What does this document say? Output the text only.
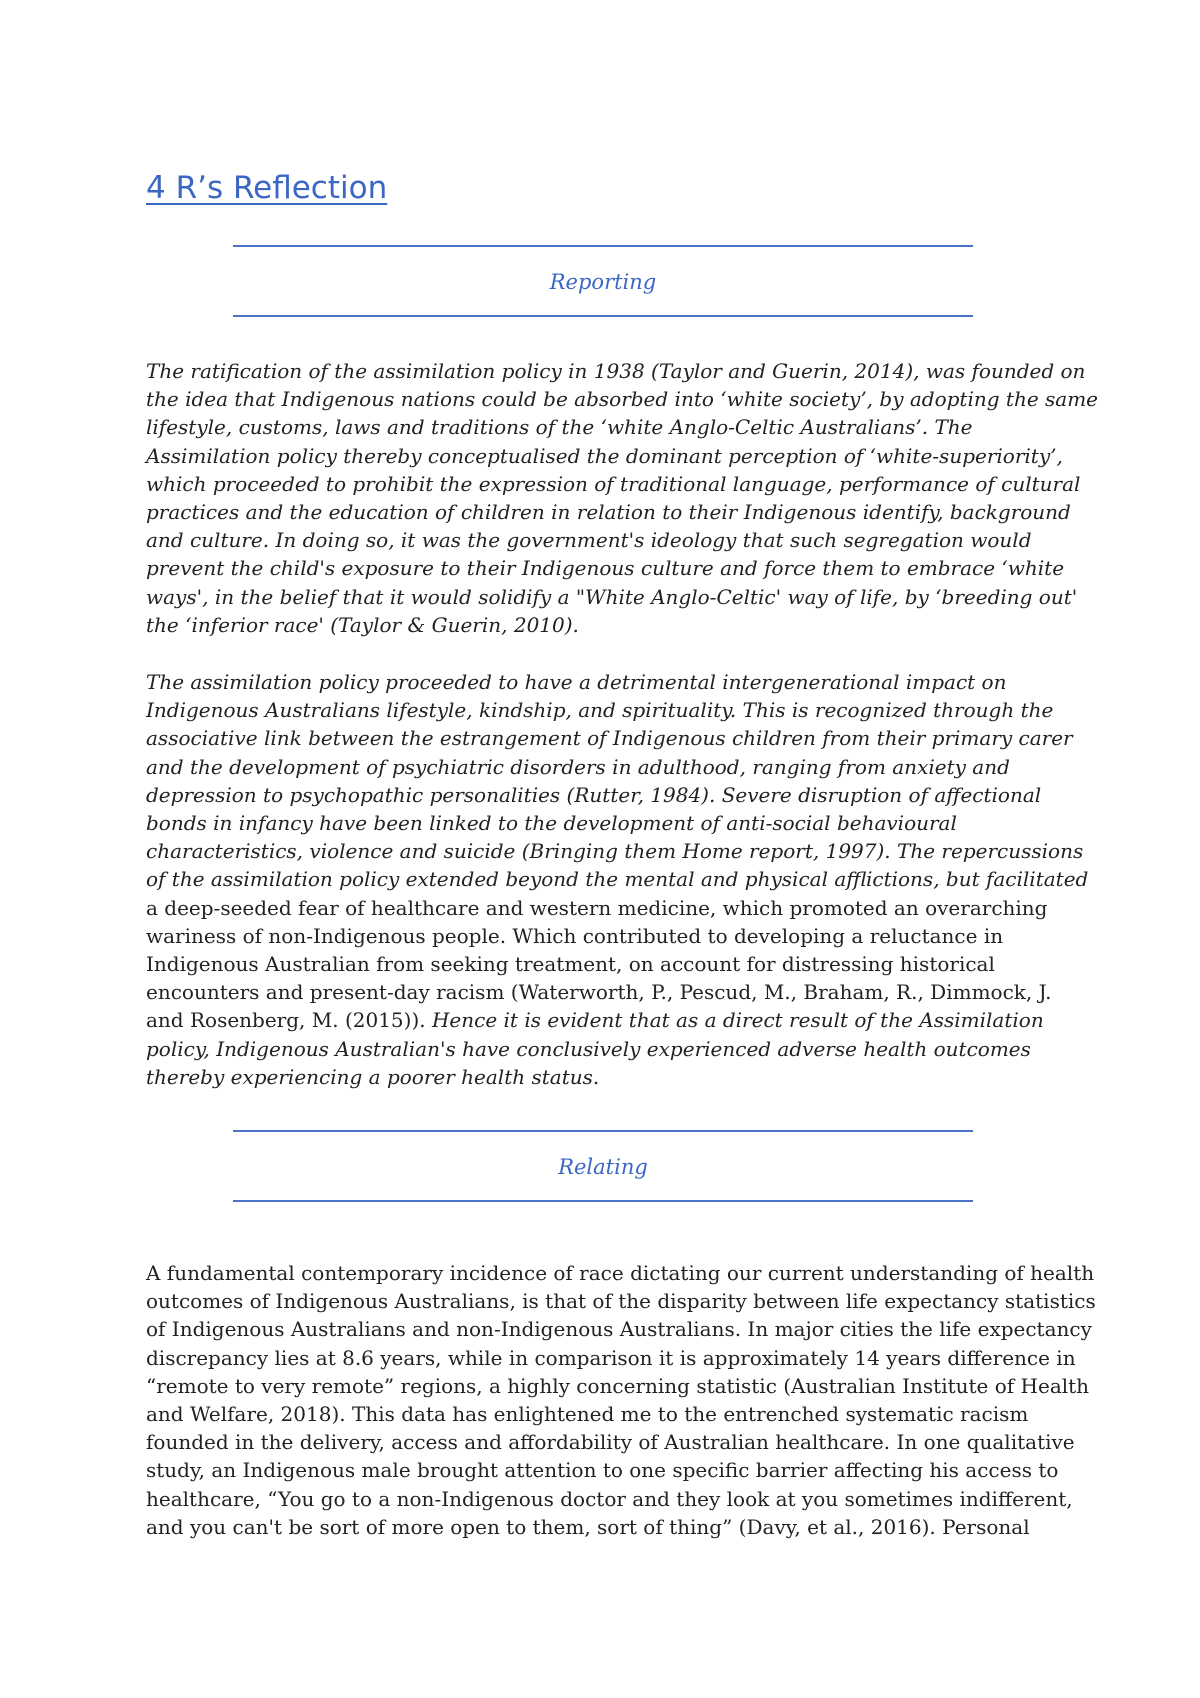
4 R’s Reflection
Reporting

The ratification of the assimilation policy in 1938 (Taylor and Guerin, 2014), was founded on
the idea that Indigenous nations could be absorbed into ‘white society’, by adopting the same
lifestyle, customs, laws and traditions of the ‘white Anglo-Celtic Australians’. The
Assimilation policy thereby conceptualised the dominant perception of ‘white-superiority’,
which proceeded to prohibit the expression of traditional language, performance of cultural
practices and the education of children in relation to their Indigenous identify, background
and culture. In doing so, it was the government's ideology that such segregation would
prevent the child's exposure to their Indigenous culture and force them to embrace ‘white
ways', in the belief that it would solidify a "White Anglo-Celtic' way of life, by ‘breeding out'
the ‘inferior race' (Taylor & Guerin, 2010).

The assimilation policy proceeded to have a detrimental intergenerational impact on
Indigenous Australians lifestyle, kindship, and spirituality. This is recognized through the
associative link between the estrangement of Indigenous children from their primary carer
and the development of psychiatric disorders in adulthood, ranging from anxiety and
depression to psychopathic personalities (Rutter, 1984). Severe disruption of affectional
bonds in infancy have been linked to the development of anti-social behavioural
characteristics, violence and suicide (Bringing them Home report, 1997). The repercussions
of the assimilation policy extended beyond the mental and physical afflictions, but facilitated
a deep-seeded fear of healthcare and western medicine, which promoted an overarching
wariness of non-Indigenous people. Which contributed to developing a reluctance in
Indigenous Australian from seeking treatment, on account for distressing historical
encounters and present-day racism (Waterworth, P., Pescud, M., Braham, R., Dimmock, J.
and Rosenberg, M. (2015)). Hence it is evident that as a direct result of the Assimilation
policy, Indigenous Australian's have conclusively experienced adverse health outcomes
thereby experiencing a poorer health status.

Relating

A fundamental contemporary incidence of race dictating our current understanding of health
outcomes of Indigenous Australians, is that of the disparity between life expectancy statistics
of Indigenous Australians and non-Indigenous Australians. In major cities the life expectancy
discrepancy lies at 8.6 years, while in comparison it is approximately 14 years difference in
“remote to very remote” regions, a highly concerning statistic (Australian Institute of Health
and Welfare, 2018). This data has enlightened me to the entrenched systematic racism
founded in the delivery, access and affordability of Australian healthcare. In one qualitative
study, an Indigenous male brought attention to one specific barrier affecting his access to
healthcare, “You go to a non-Indigenous doctor and they look at you sometimes indifferent,
and you can't be sort of more open to them, sort of thing” (Davy, et al., 2016). Personal
